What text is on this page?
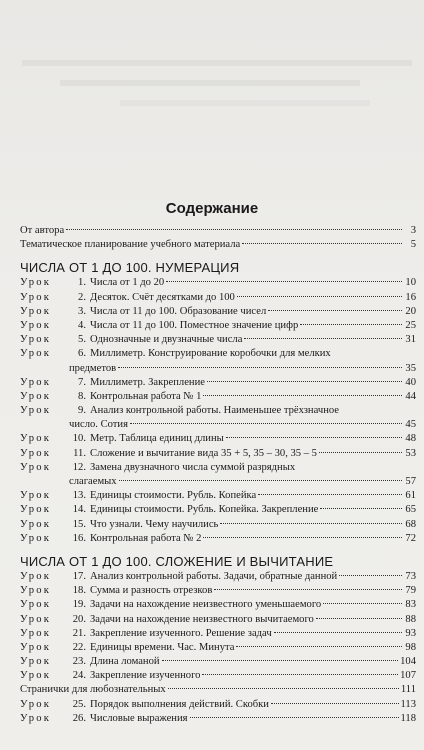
Содержание
От автора	3
Тематическое планирование учебного материала	5
ЧИСЛА ОТ 1 ДО 100. НУМЕРАЦИЯ
Урок	1. Числа от 1 до 20	10
Урок	2. Десяток. Счёт десятками до 100	16
Урок	3. Числа от 11 до 100. Образование чисел	20
Урок	4. Числа от 11 до 100. Поместное значение цифр	25
Урок	5. Однозначные и двузначные числа	31
Урок	6. Миллиметр. Конструирование коробочки для мелких
предметов	35
Урок	7. Миллиметр. Закрепление	40
Урок	8. Контрольная работа № 1	44
Урок	9. Анализ контрольной работы. Наименьшее трёхзначное
число. Сотия	45
Урок	10. Метр. Таблица единиц длины	48
Урок	11. Сложение и вычитание вида 35 + 5, 35 – 30, 35 – 5	53
Урок 12. Замена двузначного числа суммой разрядных
слагаемых	57
Урок	13. Единицы стоимости. Рубль. Копейка	61
Урок	14. Единицы стоимости. Рубль. Копейка. Закрепление	65
Урок	15. Что узнали. Чему научились	68
Урок	16. Контрольная работа № 2	72
ЧИСЛА ОТ 1 ДО 100. СЛОЖЕНИЕ И ВЫЧИТАНИЕ
Урок	17. Анализ контрольной работы. Задачи, обратные данной	73
Урок	18. Сумма и разность отрезков	79
Урок	19. Задачи на нахождение неизвестного уменьшаемого	83
Урок	20. Задачи на нахождение неизвестного вычитаемого	88
Урок	21. Закрепление изученного. Решение задач	93
Урок	22. Единицы времени. Час. Минута	98
Урок	23. Длина ломаной	104
Урок	24. Закрепление изученного	107
Странички для любознательных	111
Урок	25. Порядок выполнения действий. Скобки	113
Урок	26. Числовые выражения	118
